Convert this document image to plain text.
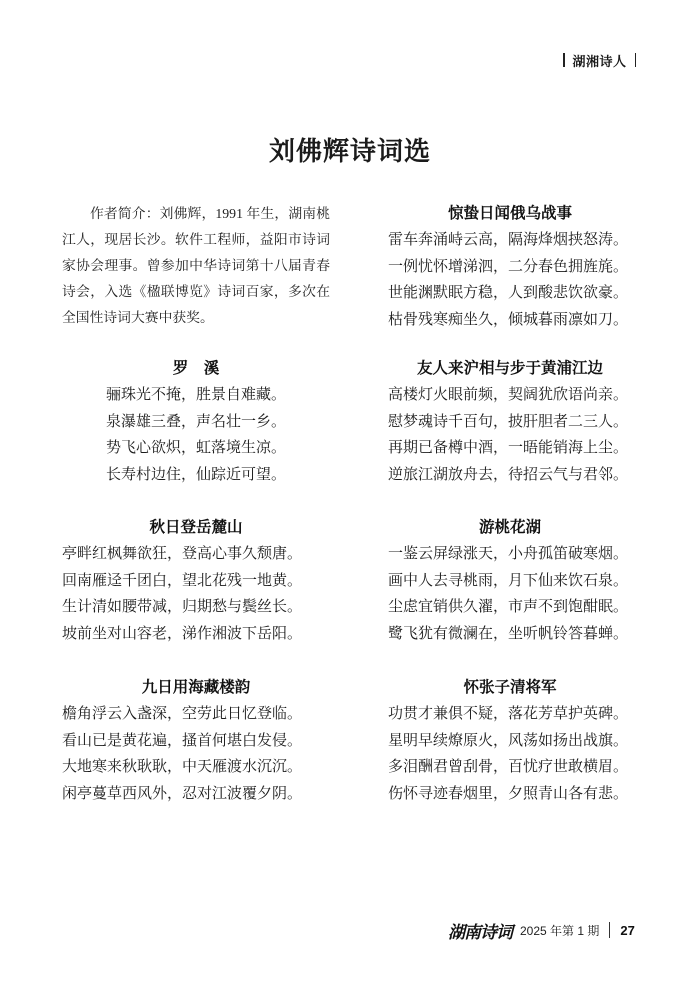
湖湘诗人
刘佛辉诗词选
作者简介：刘佛辉，1991 年生，湖南桃
江人，现居长沙。软件工程师，益阳市诗词
家协会理事。曾参加中华诗词第十八届青春
诗会，入选《楹联博览》诗词百家，多次在
全国性诗词大赛中获奖。
罗　溪
骊珠光不掩，胜景自难藏。
泉瀑雄三叠，声名壮一乡。
势飞心欲炽，虹落境生凉。
长寿村边住，仙踪近可望。
秋日登岳麓山
亭畔红枫舞欲狂，登高心事久颓唐。
回南雁迳千团白，望北花残一地黄。
生计清如腰带减，归期愁与鬓丝长。
坡前坐对山容老，涕作湘波下岳阳。
九日用海藏楼韵
檐角浮云入盏深，空劳此日忆登临。
看山已是黄花遍，搔首何堪白发侵。
大地寒来秋耿耿，中天雁渡水沉沉。
闲亭蔓草西风外，忍对江波覆夕阴。
惊蛰日闻俄乌战事
雷车奔涌峙云高，隔海烽烟挟怒涛。
一例忧怀增涕泗，二分春色拥旌旄。
世能渊默眠方稳，人到酸悲饮欲豪。
枯骨残寒痴坐久，倾城暮雨凛如刀。
友人来沪相与步于黄浦江边
高楼灯火眼前频，契阔犹欣语尚亲。
慰梦魂诗千百句，披肝胆者二三人。
再期已备樽中酒，一晤能销海上尘。
逆旅江湖放舟去，待招云气与君邻。
游桃花湖
一鉴云屏绿涨天，小舟孤笛破寒烟。
画中人去寻桃雨，月下仙来饮石泉。
尘虑宜销供久濯，市声不到饱酣眠。
鹭飞犹有微澜在，坐听帆铃答暮蝉。
怀张子清将军
功贯才兼俱不疑，落花芳草护英碑。
星明早续燎原火，风荡如扬出战旗。
多泪酬君曾刮骨，百忧疗世敢横眉。
伤怀寻迹春烟里，夕照青山各有悲。
湖南诗词 2025 年第 1 期 27
